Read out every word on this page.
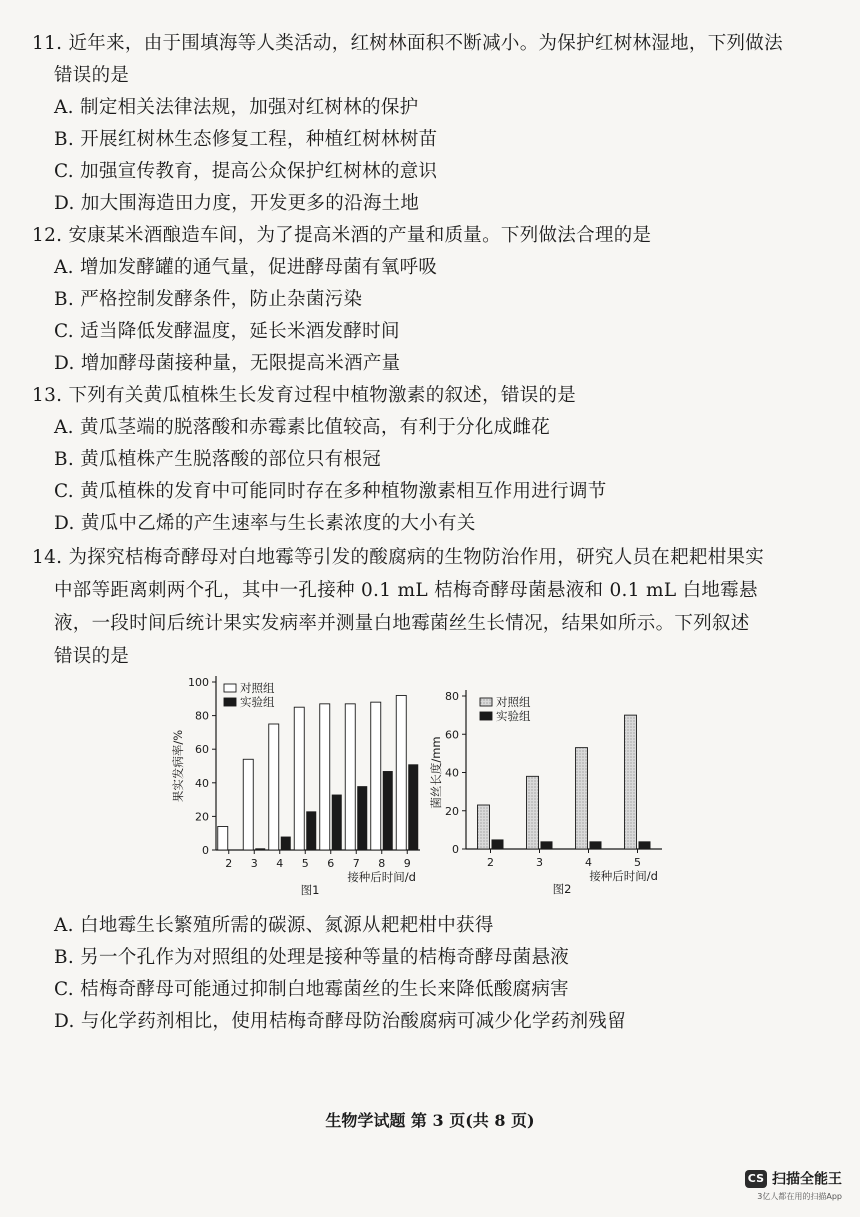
11. 近年来，由于围填海等人类活动，红树林面积不断减小。为保护红树林湿地，下列做法
错误的是
A. 制定相关法律法规，加强对红树林的保护
B. 开展红树林生态修复工程，种植红树林树苗
C. 加强宣传教育，提高公众保护红树林的意识
D. 加大围海造田力度，开发更多的沿海土地
12. 安康某米酒酿造车间，为了提高米酒的产量和质量。下列做法合理的是
A. 增加发酵罐的通气量，促进酵母菌有氧呼吸
B. 严格控制发酵条件，防止杂菌污染
C. 适当降低发酵温度，延长米酒发酵时间
D. 增加酵母菌接种量，无限提高米酒产量
13. 下列有关黄瓜植株生长发育过程中植物激素的叙述，错误的是
A. 黄瓜茎端的脱落酸和赤霉素比值较高，有利于分化成雌花
B. 黄瓜植株产生脱落酸的部位只有根冠
C. 黄瓜植株的发育中可能同时存在多种植物激素相互作用进行调节
D. 黄瓜中乙烯的产生速率与生长素浓度的大小有关
14. 为探究桔梅奇酵母对白地霉等引发的酸腐病的生物防治作用，研究人员在耙耙柑果实
中部等距离刺两个孔，其中一孔接种 0.1 mL 桔梅奇酵母菌悬液和 0.1 mL 白地霉悬
液，一段时间后统计果实发病率并测量白地霉菌丝生长情况，结果如所示。下列叙述
错误的是
0
20
40
60
80
100
2 3 4 5 6 7 8 9
接种后时间/d
图1
果实发病率/%
对照组
实验组
0
20
40
60
80
2	3	4	5
接种后时间/d
图2
菌丝长度/mm
对照组
实验组
A. 白地霉生长繁殖所需的碳源、氮源从耙耙柑中获得
B. 另一个孔作为对照组的处理是接种等量的桔梅奇酵母菌悬液
C. 桔梅奇酵母可能通过抑制白地霉菌丝的生长来降低酸腐病害
D. 与化学药剂相比，使用桔梅奇酵母防治酸腐病可减少化学药剂残留
生物学试题 第 3 页(共 8 页)
CS 扫描全能王
3亿人都在用的扫描App
